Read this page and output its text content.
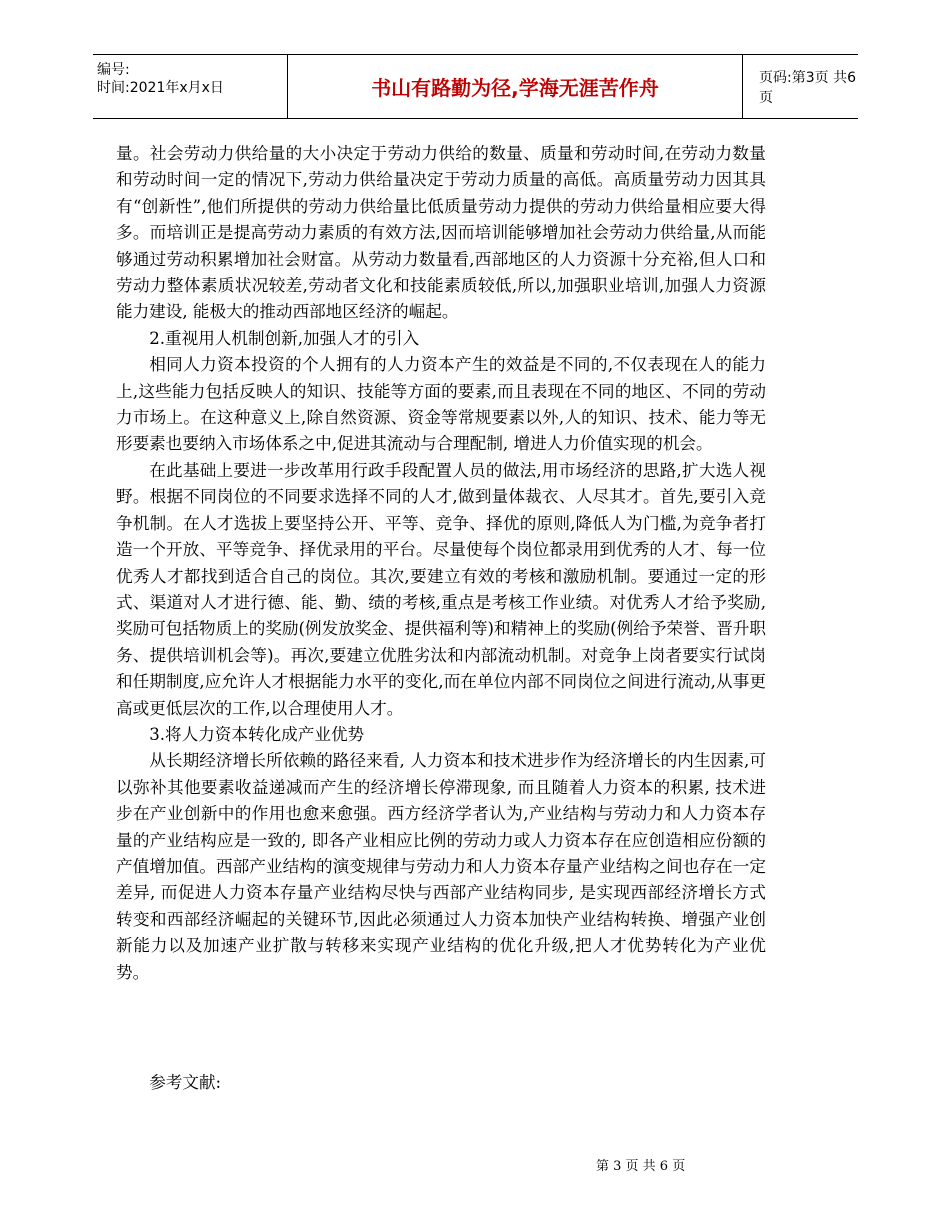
编号:
时间:2021年x月x日	书山有路勤为径,学海无涯苦作舟	页码:第3页 共6页

量。社会劳动力供给量的大小决定于劳动力供给的数量、质量和劳动时间,在劳动力数量和劳动时间一定的情况下,劳动力供给量决定于劳动力质量的高低。高质量劳动力因其具有“创新性”,他们所提供的劳动力供给量比低质量劳动力提供的劳动力供给量相应要大得多。而培训正是提高劳动力素质的有效方法,因而培训能够增加社会劳动力供给量,从而能够通过劳动积累增加社会财富。从劳动力数量看,西部地区的人力资源十分充裕,但人口和劳动力整体素质状况较差,劳动者文化和技能素质较低,所以,加强职业培训,加强人力资源能力建设, 能极大的推动西部地区经济的崛起。

2.重视用人机制创新,加强人才的引入

相同人力资本投资的个人拥有的人力资本产生的效益是不同的,不仅表现在人的能力上,这些能力包括反映人的知识、技能等方面的要素,而且表现在不同的地区、不同的劳动力市场上。在这种意义上,除自然资源、资金等常规要素以外,人的知识、技术、能力等无形要素也要纳入市场体系之中,促进其流动与合理配制, 增进人力价值实现的机会。

在此基础上要进一步改革用行政手段配置人员的做法,用市场经济的思路,扩大选人视野。根据不同岗位的不同要求选择不同的人才,做到量体裁衣、人尽其才。首先,要引入竞争机制。在人才选拔上要坚持公开、平等、竞争、择优的原则,降低人为门槛,为竞争者打造一个开放、平等竞争、择优录用的平台。尽量使每个岗位都录用到优秀的人才、每一位优秀人才都找到适合自己的岗位。其次,要建立有效的考核和激励机制。要通过一定的形式、渠道对人才进行德、能、勤、绩的考核,重点是考核工作业绩。对优秀人才给予奖励,奖励可包括物质上的奖励(例发放奖金、提供福利等)和精神上的奖励(例给予荣誉、晋升职务、提供培训机会等)。再次,要建立优胜劣汰和内部流动机制。对竞争上岗者要实行试岗和任期制度,应允许人才根据能力水平的变化,而在单位内部不同岗位之间进行流动,从事更高或更低层次的工作,以合理使用人才。

3.将人力资本转化成产业优势

从长期经济增长所依赖的路径来看, 人力资本和技术进步作为经济增长的内生因素,可以弥补其他要素收益递减而产生的经济增长停滞现象, 而且随着人力资本的积累, 技术进步在产业创新中的作用也愈来愈强。西方经济学者认为,产业结构与劳动力和人力资本存量的产业结构应是一致的, 即各产业相应比例的劳动力或人力资本存在应创造相应份额的产值增加值。西部产业结构的演变规律与劳动力和人力资本存量产业结构之间也存在一定差异, 而促进人力资本存量产业结构尽快与西部产业结构同步, 是实现西部经济增长方式转变和西部经济崛起的关键环节,因此必须通过人力资本加快产业结构转换、增强产业创新能力以及加速产业扩散与转移来实现产业结构的优化升级,把人才优势转化为产业优势。

参考文献:
第 3 页 共 6 页
